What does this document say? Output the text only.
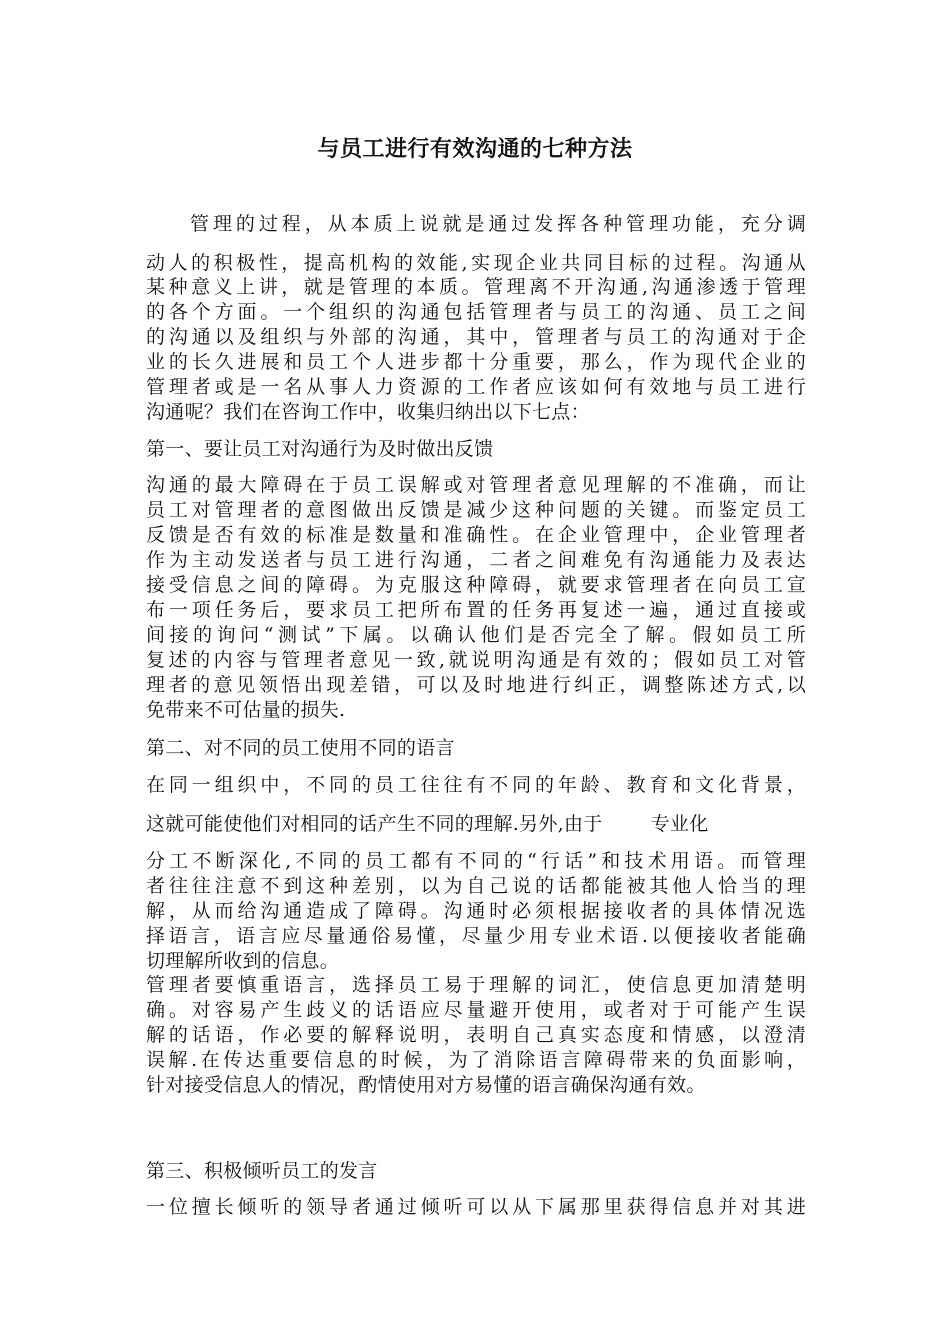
与员工进行有效沟通的七种方法
管理的过程，从本质上说就是通过发挥各种管理功能，充分调
动人的积极性，提高机构的效能,实现企业共同目标的过程。沟通从
某种意义上讲，就是管理的本质。管理离不开沟通,沟通渗透于管理
的各个方面。一个组织的沟通包括管理者与员工的沟通、员工之间
的沟通以及组织与外部的沟通，其中，管理者与员工的沟通对于企
业的长久进展和员工个人进步都十分重要，那么，作为现代企业的
管理者或是一名从事人力资源的工作者应该如何有效地与员工进行
沟通呢？我们在咨询工作中，收集归纳出以下七点：
第一、要让员工对沟通行为及时做出反馈
沟通的最大障碍在于员工误解或对管理者意见理解的不准确，而让
员工对管理者的意图做出反馈是减少这种问题的关键。而鉴定员工
反馈是否有效的标准是数量和准确性。在企业管理中，企业管理者
作为主动发送者与员工进行沟通，二者之间难免有沟通能力及表达
接受信息之间的障碍。为克服这种障碍，就要求管理者在向员工宣
布一项任务后，要求员工把所布置的任务再复述一遍，通过直接或
间接的询问“测试”下属。以确认他们是否完全了解。假如员工所
复述的内容与管理者意见一致,就说明沟通是有效的；假如员工对管
理者的意见领悟出现差错，可以及时地进行纠正，调整陈述方式,以
免带来不可估量的损失.
第二、对不同的员工使用不同的语言
在同一组织中，不同的员工往往有不同的年龄、教育和文化背景，
这就可能使他们对相同的话产生不同的理解.另外,由于	专业化
分工不断深化,不同的员工都有不同的“行话”和技术用语。而管理
者往往注意不到这种差别，以为自己说的话都能被其他人恰当的理
解，从而给沟通造成了障碍。沟通时必须根据接收者的具体情况选
择语言，语言应尽量通俗易懂，尽量少用专业术语.以便接收者能确
切理解所收到的信息。
管理者要慎重语言，选择员工易于理解的词汇，使信息更加清楚明
确。对容易产生歧义的话语应尽量避开使用，或者对于可能产生误
解的话语，作必要的解释说明，表明自己真实态度和情感，以澄清
误解.在传达重要信息的时候，为了消除语言障碍带来的负面影响，
针对接受信息人的情况，酌情使用对方易懂的语言确保沟通有效。
第三、积极倾听员工的发言
一位擅长倾听的领导者通过倾听可以从下属那里获得信息并对其进
